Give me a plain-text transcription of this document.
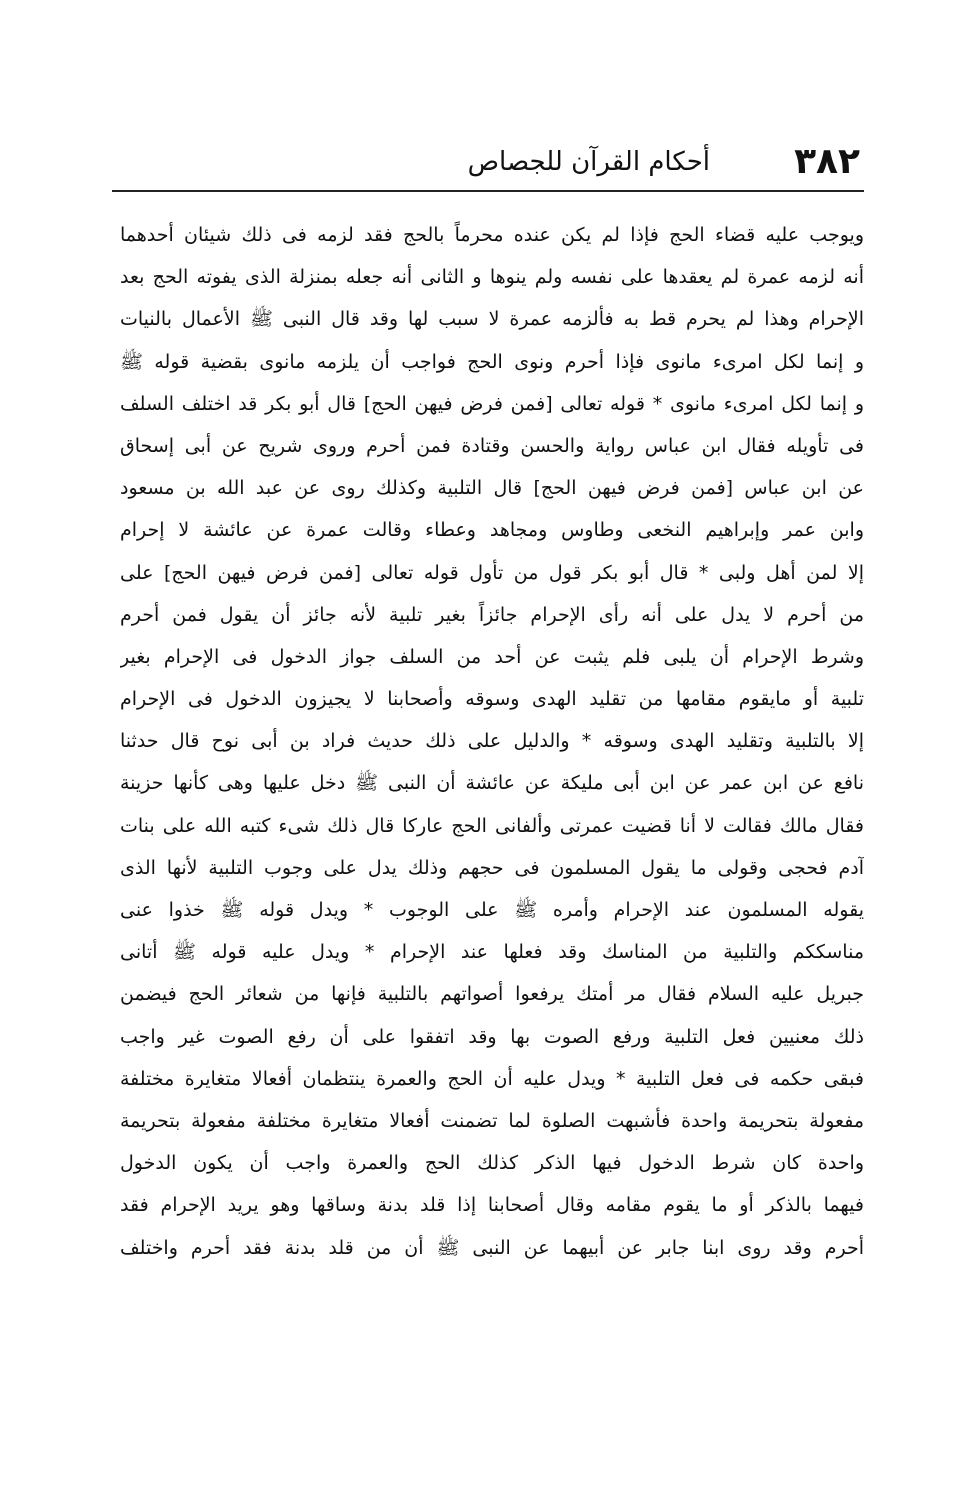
٣٨٢
أحكام القرآن للجصاص
ويوجب عليه قضاء الحج فإذا لم يكن عنده محرماً بالحج فقد لزمه فى ذلك شيئان أحدهما
أنه لزمه عمرة لم يعقدها على نفسه ولم ينوها و الثانى أنه جعله بمنزلة الذى يفوته الحج بعد
الإحرام وهذا لم يحرم قط به فألزمه عمرة لا سبب لها وقد قال النبى ﷺ الأعمال بالنيات
و إنما لكل امرىء مانوى فإذا أحرم ونوى الحج فواجب أن يلزمه مانوى بقضية قوله ﷺ
و إنما لكل امرىء مانوى * قوله تعالى [فمن فرض فيهن الحج] قال أبو بكر قد اختلف السلف
فى تأويله فقال ابن عباس رواية والحسن وقتادة فمن أحرم وروى شريح عن أبى إسحاق
عن ابن عباس [فمن فرض فيهن الحج] قال التلبية وكذلك روى عن عبد الله بن مسعود
وابن عمر وإبراهيم النخعى وطاوس ومجاهد وعطاء وقالت عمرة عن عائشة لا إحرام
إلا لمن أهل ولبى * قال أبو بكر قول من تأول قوله تعالى [فمن فرض فيهن الحج] على
من أحرم لا يدل على أنه رأى الإحرام جائزاً بغير تلبية لأنه جائز أن يقول فمن أحرم
وشرط الإحرام أن يلبى فلم يثبت عن أحد من السلف جواز الدخول فى الإحرام بغير
تلبية أو مايقوم مقامها من تقليد الهدى وسوقه وأصحابنا لا يجيزون الدخول فى الإحرام
إلا بالتلبية وتقليد الهدى وسوقه * والدليل على ذلك حديث فراد بن أبى نوح قال حدثنا
نافع عن ابن عمر عن ابن أبى مليكة عن عائشة أن النبى ﷺ دخل عليها وهى كأنها حزينة
فقال مالك فقالت لا أنا قضيت عمرتى وألفانى الحج عاركا قال ذلك شىء كتبه الله على بنات
آدم فحجى وقولى ما يقول المسلمون فى حجهم وذلك يدل على وجوب التلبية لأنها الذى
يقوله المسلمون عند الإحرام وأمره ﷺ على الوجوب * ويدل قوله ﷺ خذوا عنى
مناسككم والتلبية من المناسك وقد فعلها عند الإحرام * ويدل عليه قوله ﷺ أتانى
جبريل عليه السلام فقال مر أمتك يرفعوا أصواتهم بالتلبية فإنها من شعائر الحج فيضمن
ذلك معنيين فعل التلبية ورفع الصوت بها وقد اتفقوا على أن رفع الصوت غير واجب
فبقى حكمه فى فعل التلبية * ويدل عليه أن الحج والعمرة ينتظمان أفعالا متغايرة مختلفة
مفعولة بتحريمة واحدة فأشبهت الصلوة لما تضمنت أفعالا متغايرة مختلفة مفعولة بتحريمة
واحدة كان شرط الدخول فيها الذكر كذلك الحج والعمرة واجب أن يكون الدخول
فيهما بالذكر أو ما يقوم مقامه وقال أصحابنا إذا قلد بدنة وساقها وهو يريد الإحرام فقد
أحرم وقد روى ابنا جابر عن أبيهما عن النبى ﷺ أن من قلد بدنة فقد أحرم واختلف
